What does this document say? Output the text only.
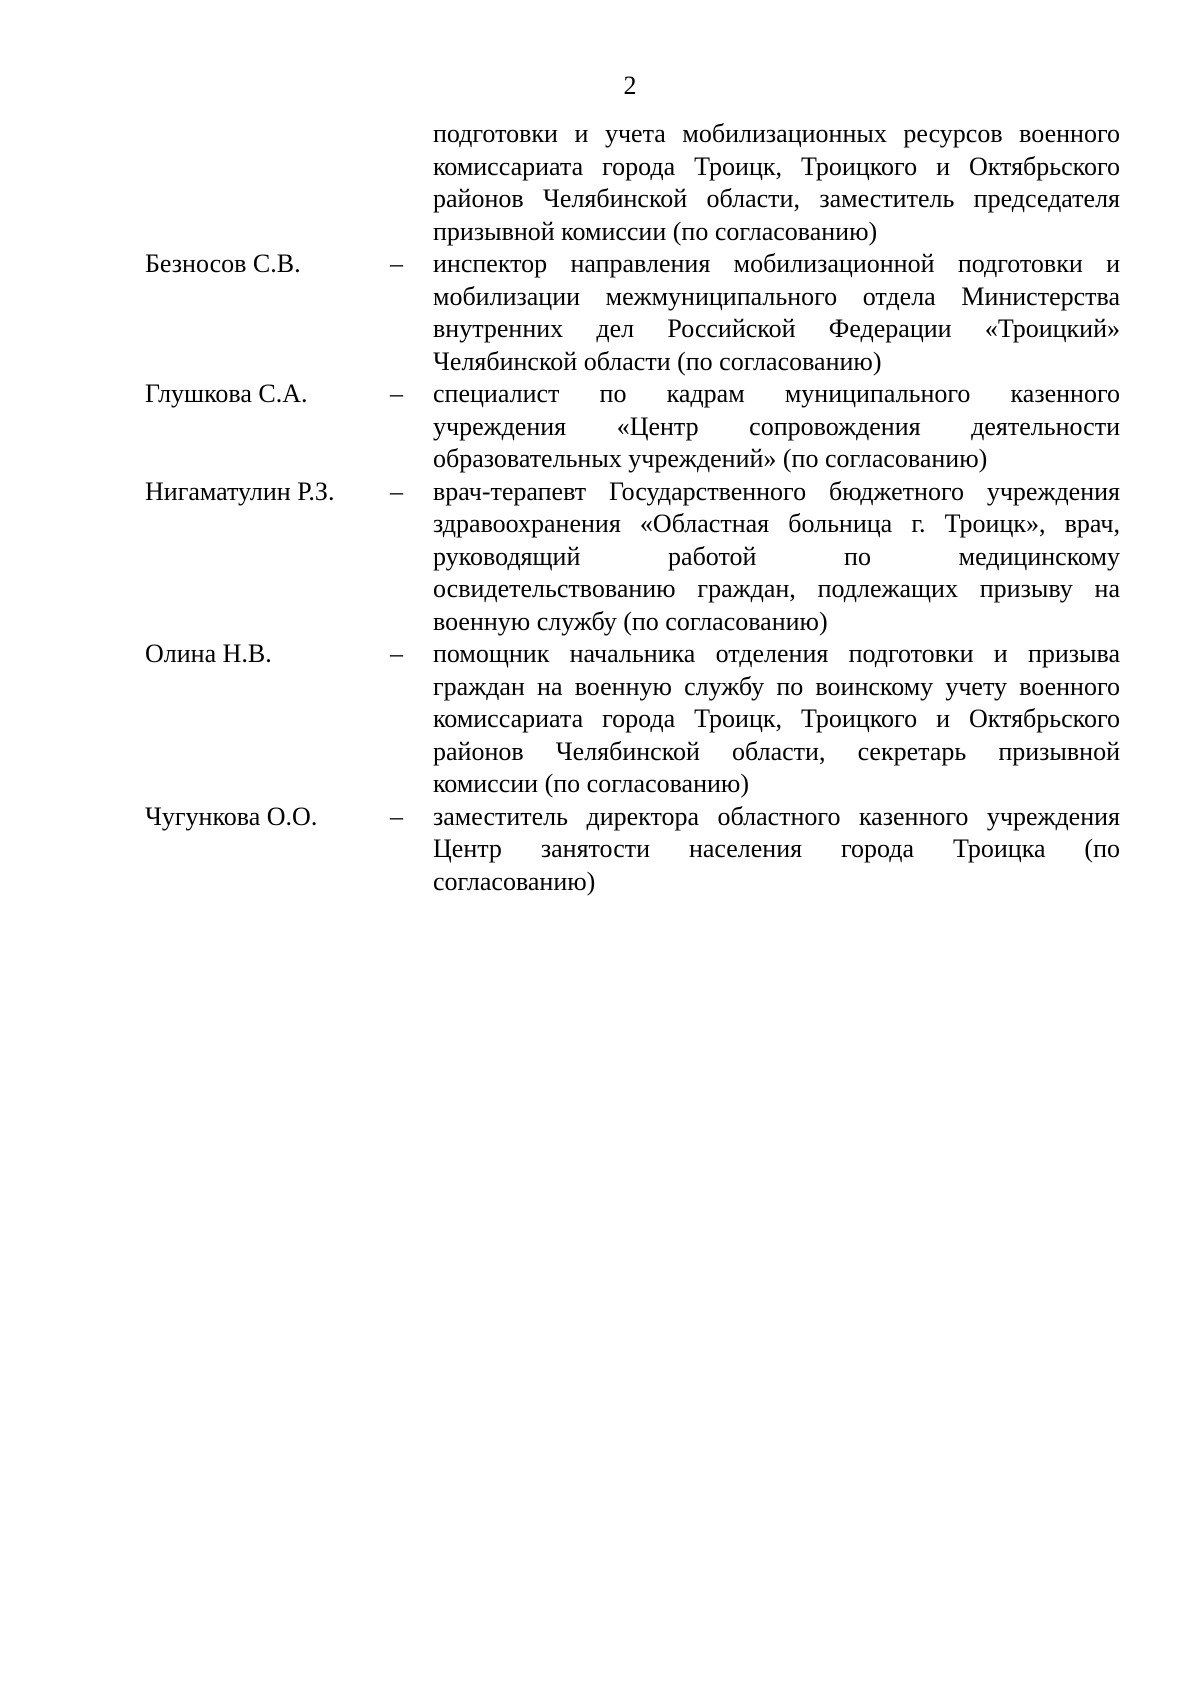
2
подготовки и учета мобилизационных ресурсов военного комиссариата города Троицк, Троицкого и Октябрьского районов Челябинской области, заместитель председателя призывной комиссии (по согласованию)
Безносов С.В.	–	инспектор направления мобилизационной подготовки и мобилизации межмуниципального отдела Министерства внутренних дел Российской Федерации «Троицкий» Челябинской области (по согласованию)
Глушкова С.А.	–	специалист по кадрам муниципального казенного учреждения «Центр сопровождения деятельности образовательных учреждений» (по согласованию)
Нигаматулин Р.З.	–	врач-терапевт Государственного бюджетного учреждения здравоохранения «Областная больница г. Троицк», врач, руководящий работой по медицинскому освидетельствованию граждан, подлежащих призыву на военную службу (по согласованию)
Олина Н.В.	–	помощник начальника отделения подготовки и призыва граждан на военную службу по воинскому учету военного комиссариата города Троицк, Троицкого и Октябрьского районов Челябинской области, секретарь призывной комиссии (по согласованию)
Чугункова О.О.	–	заместитель директора областного казенного учреждения Центр занятости населения города Троицка (по согласованию)
